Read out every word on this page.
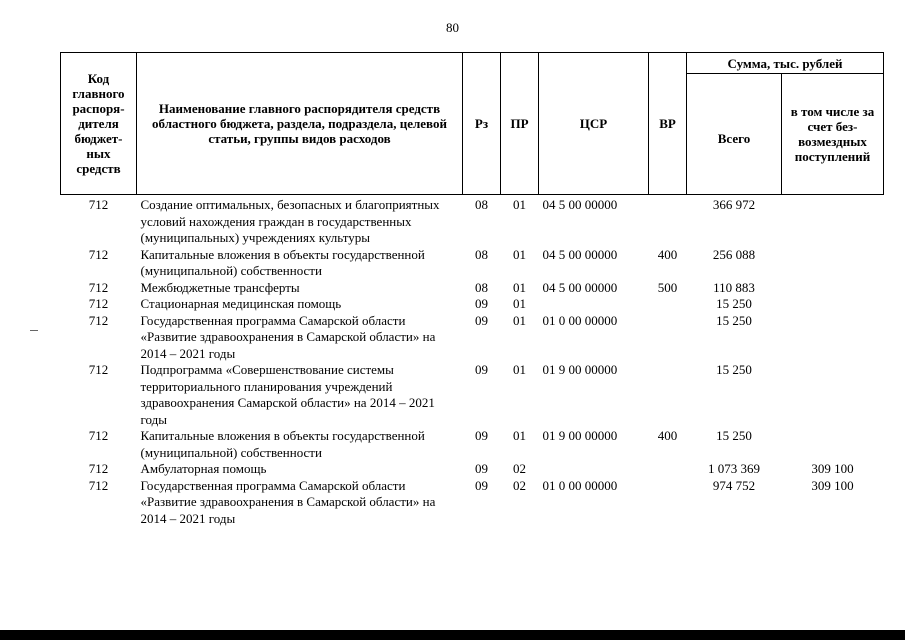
80
Код главного распоря-дителя бюджет-ных средств	Наименование главного распорядителя средств областного бюджета, раздела, подраздела, целевой статьи, группы видов расходов	Рз	ПР	ЦСР	ВР	Сумма, тыс. рублей	
						Всего	в том числе за счет без-возмездных поступлений
712	Создание оптимальных, безопасных и благоприятных условий нахождения граждан в государственных (муниципальных) учреждениях культуры	08	01	04 5 00 00000		366 972	
712	Капитальные вложения в объекты государственной (муниципальной) собственности	08	01	04 5 00 00000	400	256 088	
712	Межбюджетные трансферты	08	01	04 5 00 00000	500	110 883	
712	Стационарная медицинская помощь	09	01			15 250	
712	Государственная программа Самарской области «Развитие здравоохранения в Самарской области» на 2014 – 2021 годы	09	01	01 0 00 00000		15 250	
712	Подпрограмма «Совершенствование системы территориального планирования учреждений здравоохранения Самарской области» на 2014 – 2021 годы	09	01	01 9 00 00000		15 250	
712	Капитальные вложения в объекты государственной (муниципальной) собственности	09	01	01 9 00 00000	400	15 250	
712	Амбулаторная помощь	09	02			1 073 369	309 100
712	Государственная программа Самарской области «Развитие здравоохранения в Самарской области» на 2014 – 2021 годы	09	02	01 0 00 00000		974 752	309 100
